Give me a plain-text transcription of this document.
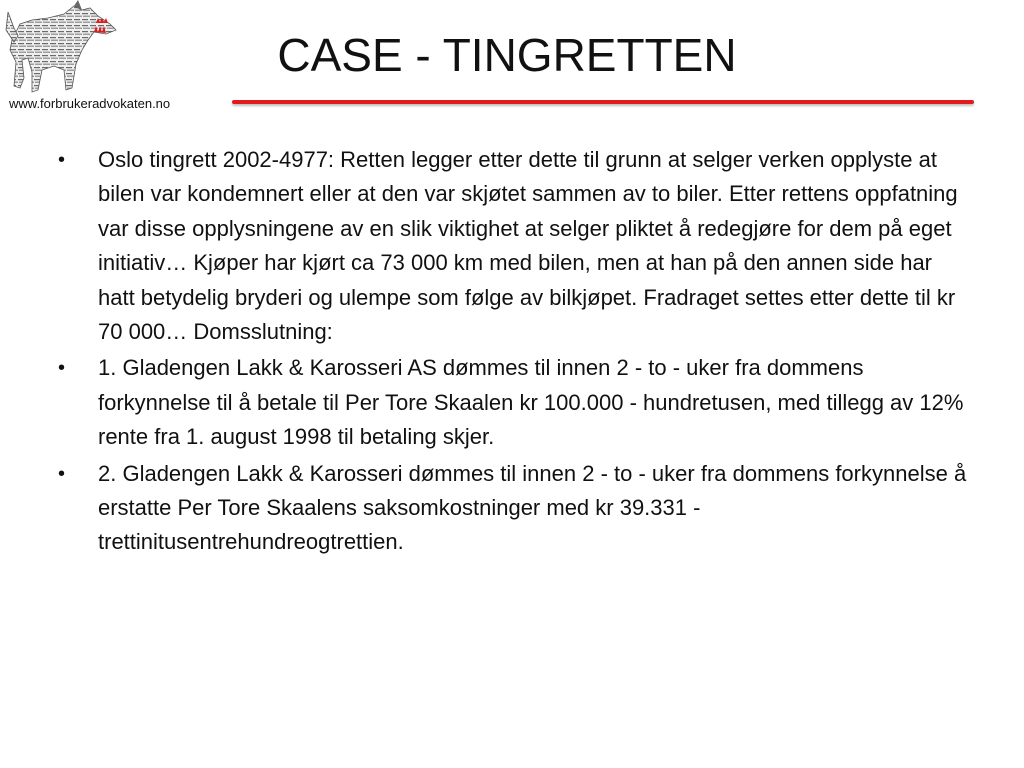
www.forbrukeradvokaten.no
CASE - TINGRETTEN
• Oslo tingrett 2002-4977: Retten legger etter dette til grunn at selger verken opplyste at bilen var kondemnert eller at den var skjøtet sammen av to biler. Etter rettens oppfatning var disse opplysningene av en slik viktighet at selger pliktet å redegjøre for dem på eget initiativ… Kjøper har kjørt ca 73 000 km med bilen, men at han på den annen side har hatt betydelig bryderi og ulempe som følge av bilkjøpet. Fradraget settes etter dette til kr 70 000… Domsslutning:
• 1. Gladengen Lakk & Karosseri AS dømmes til innen 2 - to - uker fra dommens forkynnelse til å betale til Per Tore Skaalen kr 100.000 - hundretusen, med tillegg av 12% rente fra 1. august 1998 til betaling skjer.
• 2. Gladengen Lakk & Karosseri dømmes til innen 2 - to - uker fra dommens forkynnelse å erstatte Per Tore Skaalens saksomkostninger med kr 39.331 - trettinitusentrehundreogtrettien.
